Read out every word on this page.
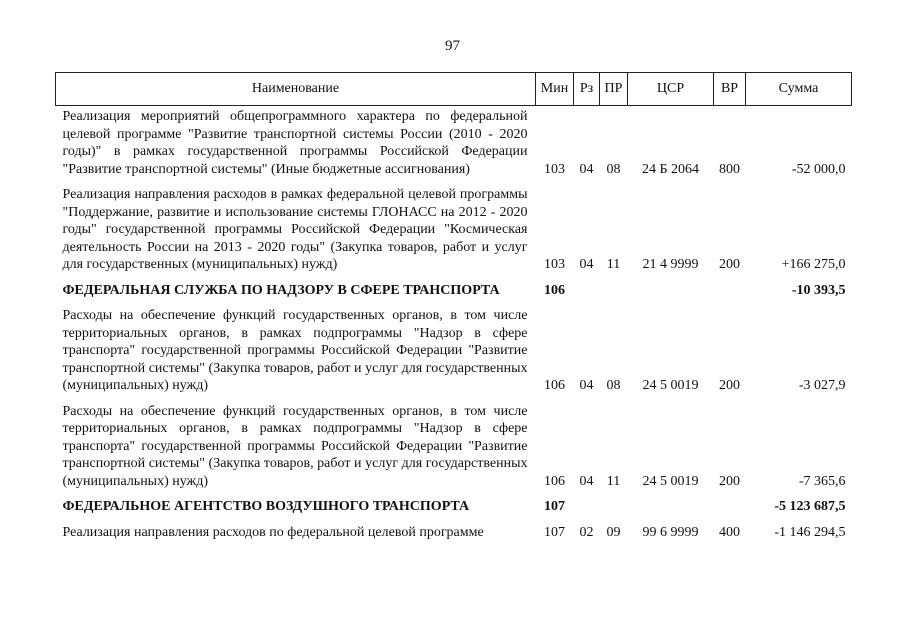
97
Наименование	Мин	Рз	ПР	ЦСР	ВР	Сумма
Реализация мероприятий общепрограммного характера по федеральной целевой программе "Развитие транспортной системы России (2010 - 2020 годы)" в рамках государственной программы Российской Федерации "Развитие транспортной системы" (Иные бюджетные ассигнования)	103	04	08	24 Б 2064	800	-52 000,0

Реализация направления расходов в рамках федеральной целевой программы "Поддержание, развитие и использование системы ГЛОНАСС на 2012 - 2020 годы" государственной программы Российской Федерации "Космическая деятельность России на 2013 - 2020 годы" (Закупка товаров, работ и услуг для государственных (муниципальных) нужд)	103	04	11	21 4 9999	200	+166 275,0

ФЕДЕРАЛЬНАЯ СЛУЖБА ПО НАДЗОРУ В СФЕРЕ ТРАНСПОРТА	106					-10 393,5

Расходы на обеспечение функций государственных органов, в том числе территориальных органов, в рамках подпрограммы "Надзор в сфере транспорта" государственной программы Российской Федерации "Развитие транспортной системы" (Закупка товаров, работ и услуг для государственных (муниципальных) нужд)	106	04	08	24 5 0019	200	-3 027,9

Расходы на обеспечение функций государственных органов, в том числе территориальных органов, в рамках подпрограммы "Надзор в сфере транспорта" государственной программы Российской Федерации "Развитие транспортной системы" (Закупка товаров, работ и услуг для государственных (муниципальных) нужд)	106	04	11	24 5 0019	200	-7 365,6

ФЕДЕРАЛЬНОЕ АГЕНТСТВО ВОЗДУШНОГО ТРАНСПОРТА	107					-5 123 687,5

Реализация направления расходов по федеральной целевой программе	107	02	09	99 6 9999	400	-1 146 294,5
